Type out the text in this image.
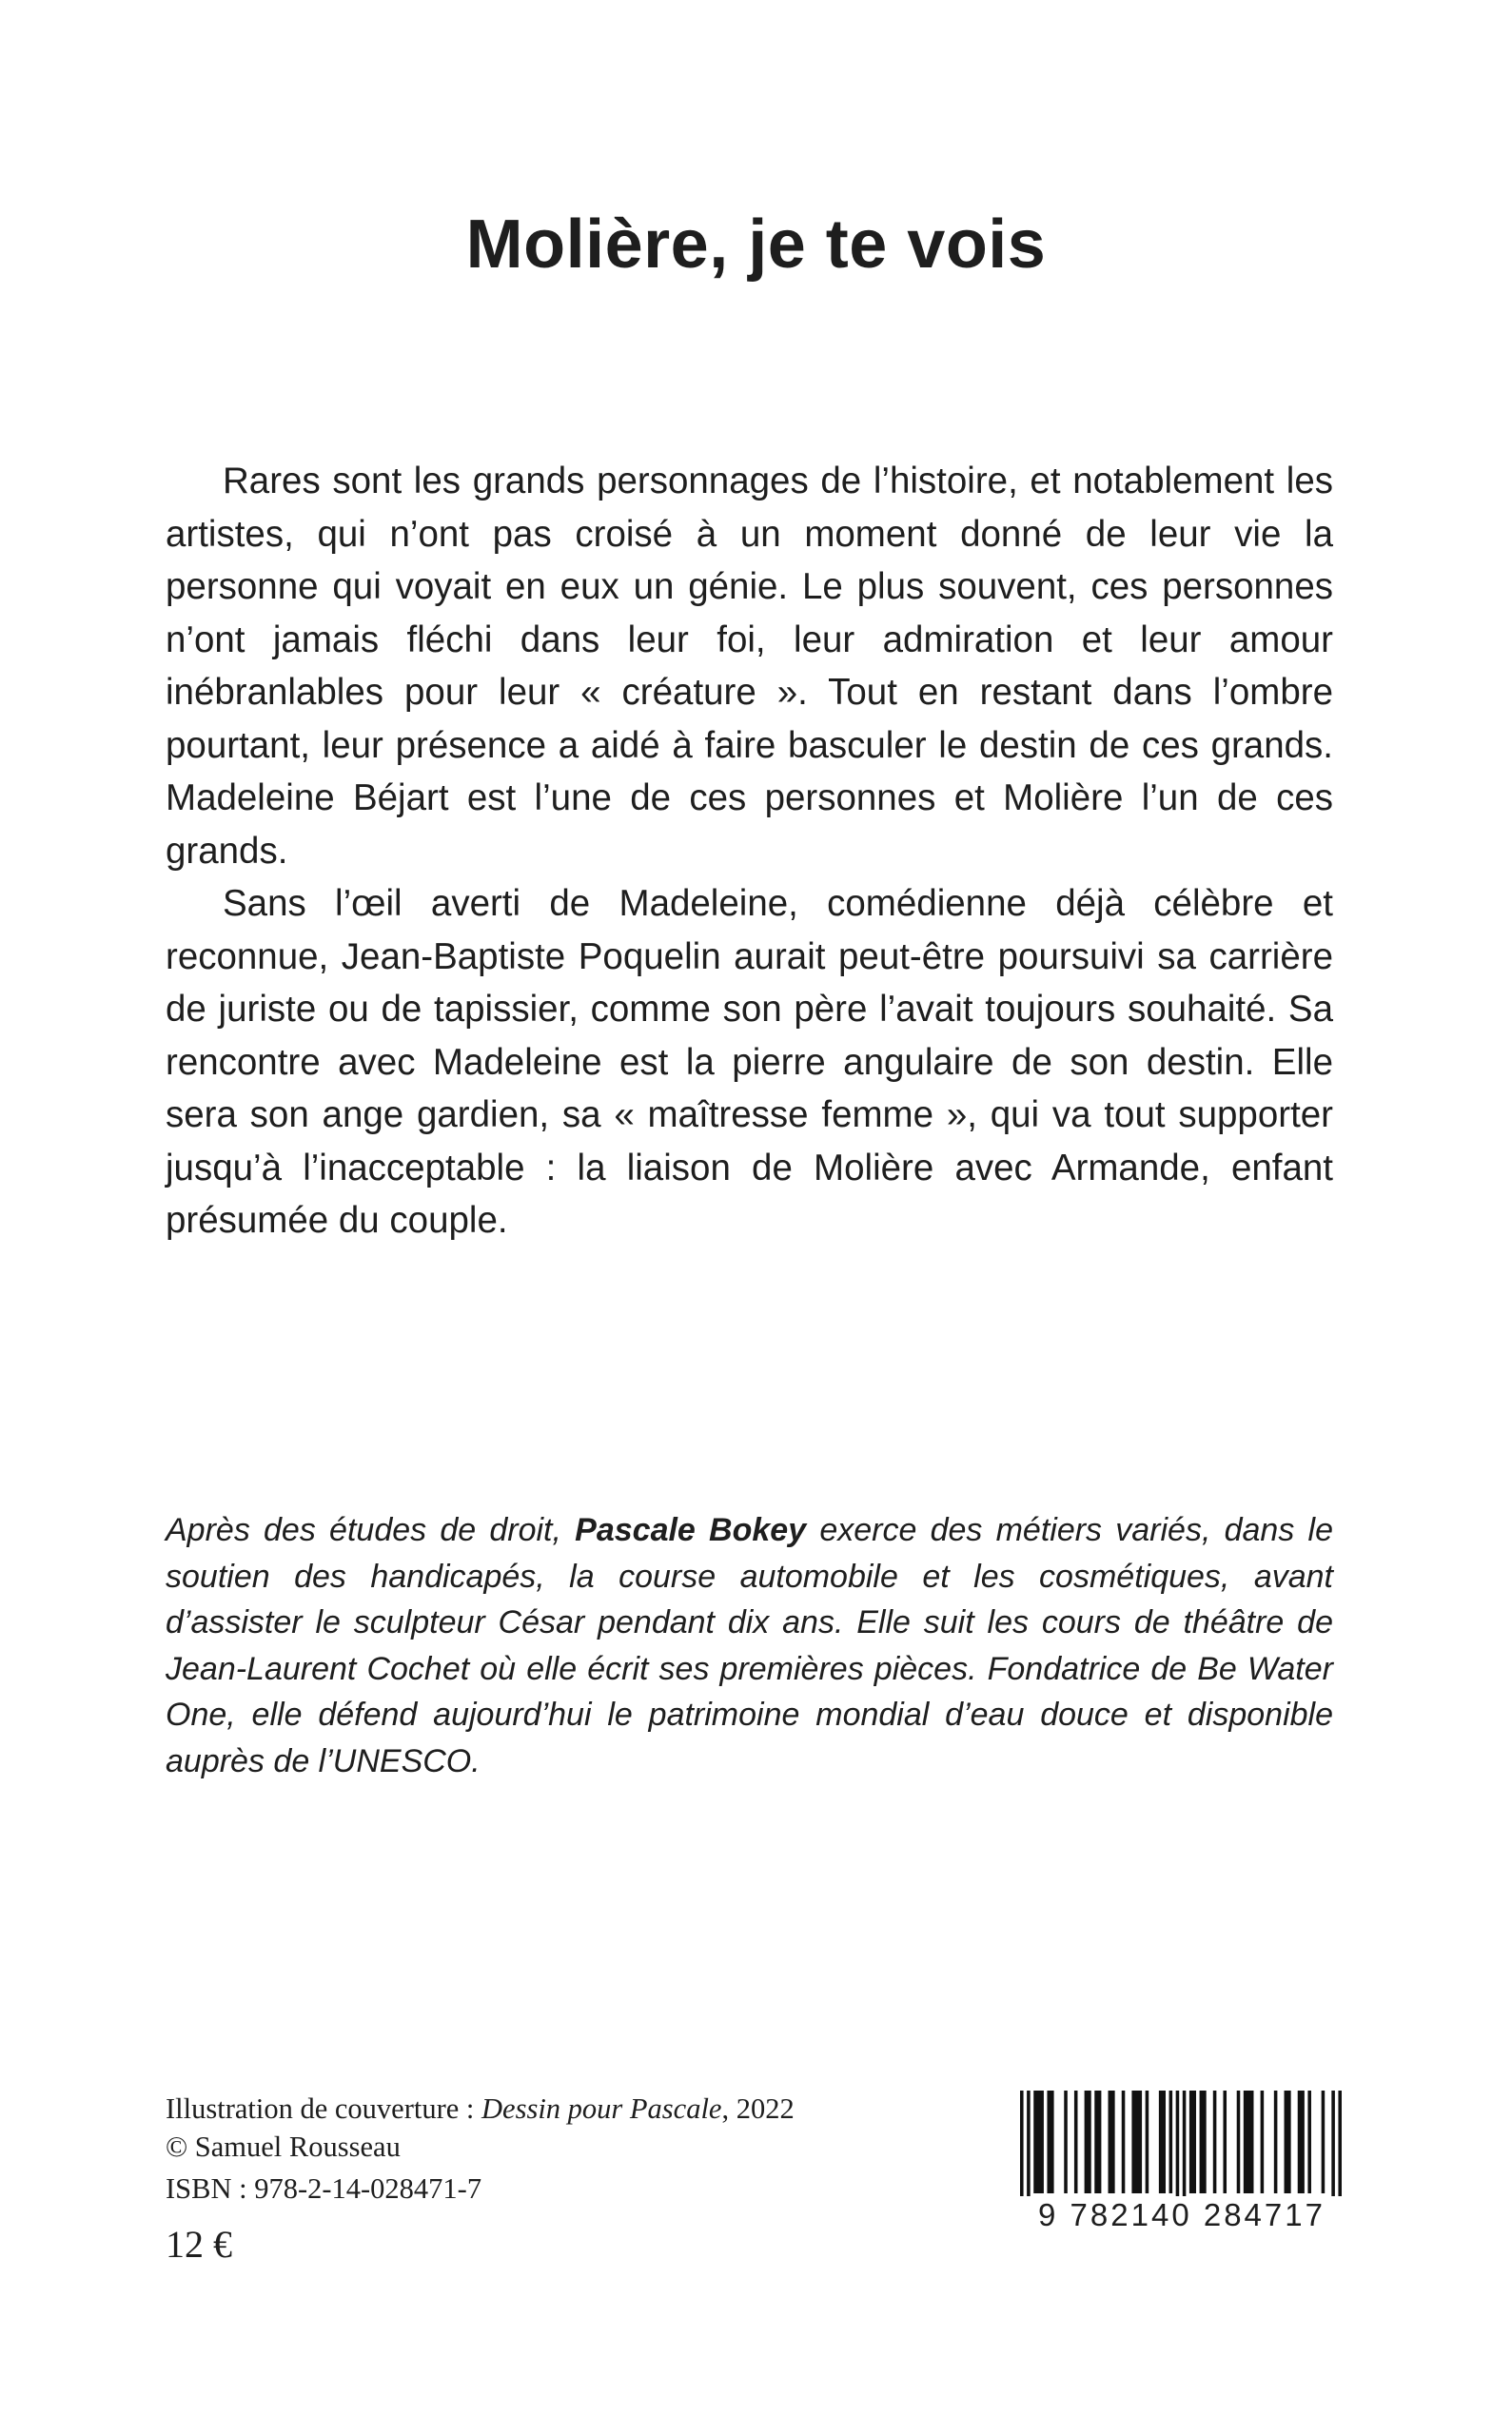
Molière, je te vois

Rares sont les grands personnages de l’histoire, et notablement les artistes, qui n’ont pas croisé à un moment donné de leur vie la personne qui voyait en eux un génie. Le plus souvent, ces personnes n’ont jamais fléchi dans leur foi, leur admiration et leur amour inébranlables pour leur « créature ». Tout en restant dans l’ombre pourtant, leur présence a aidé à faire basculer le destin de ces grands. Madeleine Béjart est l’une de ces personnes et Molière l’un de ces grands.

Sans l’œil averti de Madeleine, comédienne déjà célèbre et reconnue, Jean-Baptiste Poquelin aurait peut-être poursuivi sa carrière de juriste ou de tapissier, comme son père l’avait toujours souhaité. Sa rencontre avec Madeleine est la pierre angulaire de son destin. Elle sera son ange gardien, sa « maîtresse femme », qui va tout supporter jusqu’à l’inacceptable : la liaison de Molière avec Armande, enfant présumée du couple.

Après des études de droit, Pascale Bokey exerce des métiers variés, dans le soutien des handicapés, la course automobile et les cosmétiques, avant d’assister le sculpteur César pendant dix ans. Elle suit les cours de théâtre de Jean-Laurent Cochet où elle écrit ses premières pièces. Fondatrice de Be Water One, elle défend aujourd’hui le patrimoine mondial d’eau douce et disponible auprès de l’UNESCO.

Illustration de couverture : Dessin pour Pascale, 2022
© Samuel Rousseau
ISBN : 978-2-14-028471-7
12 €
9 782140 284717
